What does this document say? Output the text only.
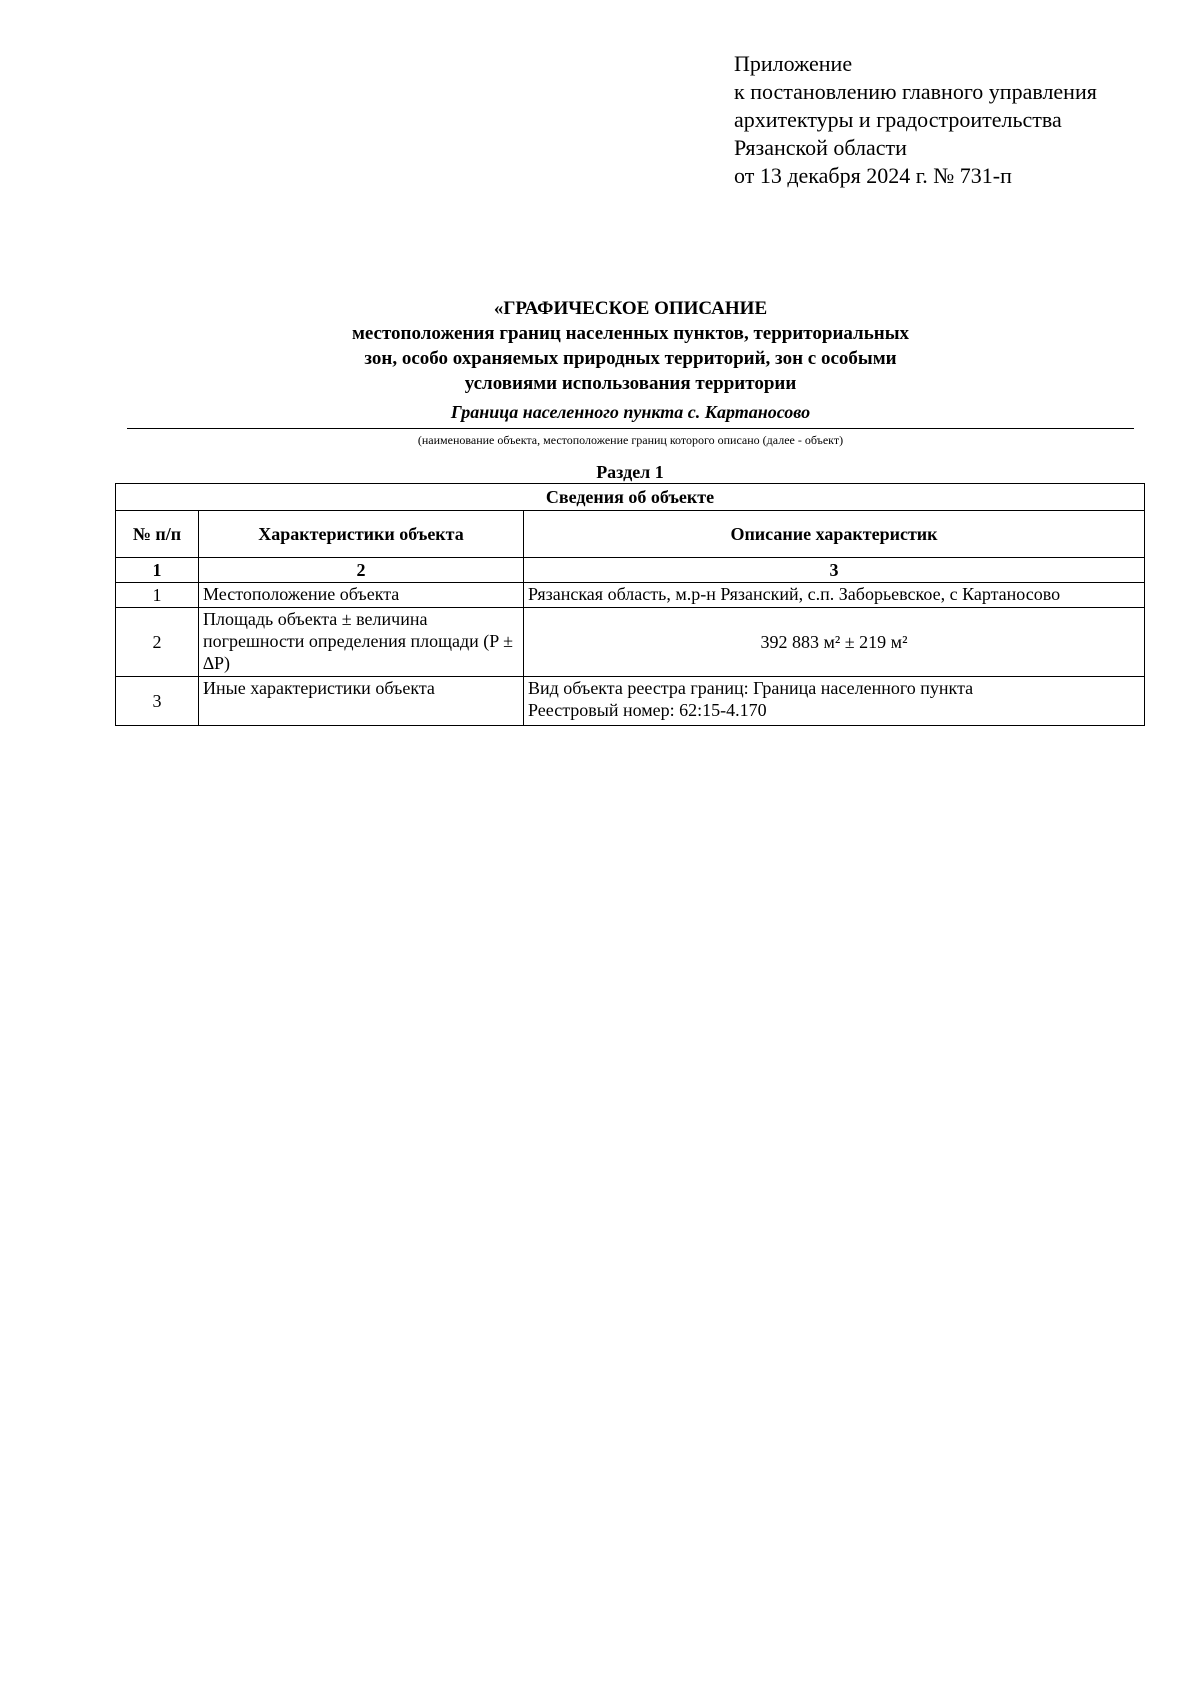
Приложение
к постановлению главного управления
архитектуры и градостроительства
Рязанской области
от 13 декабря 2024 г. № 731-п
«ГРАФИЧЕСКОЕ ОПИСАНИЕ
местоположения границ населенных пунктов, территориальных
зон, особо охраняемых природных территорий, зон с особыми
условиями использования территории
Граница населенного пункта с. Картаносово
(наименование объекта, местоположение границ которого описано (далее - объект)
Раздел 1
Сведения об объекте		
№ п/п	Характеристики объекта	Описание характеристик
1	2	3
1	Местоположение объекта	Рязанская область, м.р-н Рязанский, с.п. Заборьевское, с Картаносово

2	Площадь объекта ± величина погрешности определения площади (P ± ∆P)	392 883 м² ± 219 м²
3	Иные характеристики объекта	Вид объекта реестра границ: Граница населенного пункта
Реестровый номер: 62:15-4.170
